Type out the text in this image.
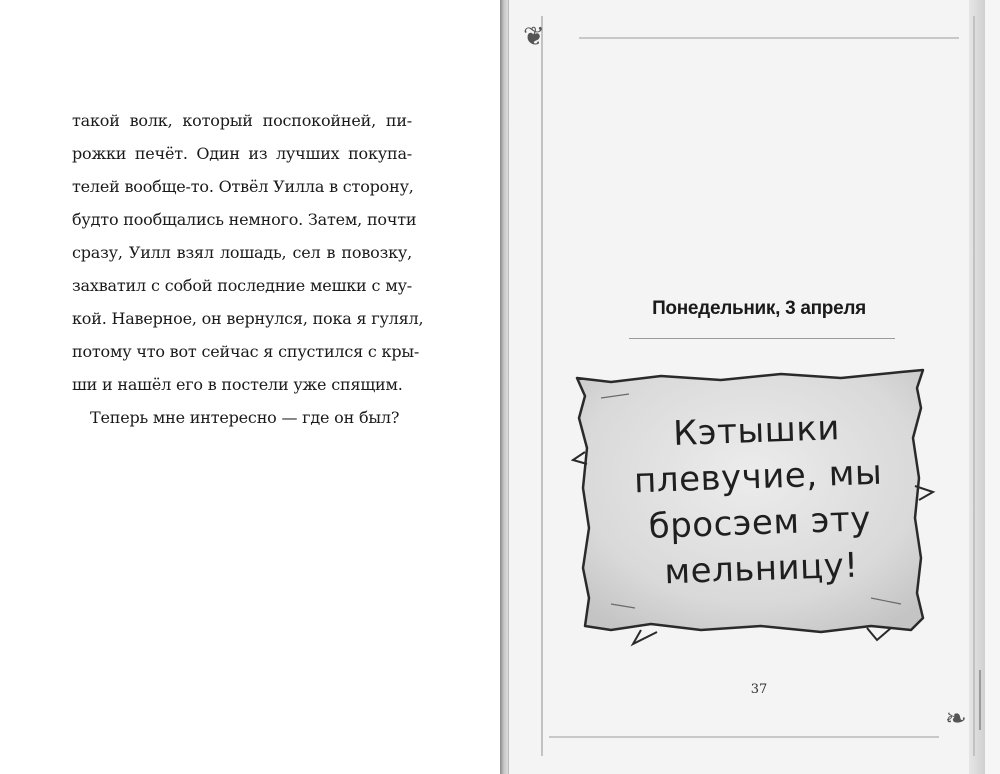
такой волк, который поспокойней, пи-
рожки печёт. Один из лучших покупа-
телей вообще-то. Отвёл Уилла в сторону,
будто пообщались немного. Затем, почти
сразу, Уилл взял лошадь, сел в повозку,
захватил с собой последние мешки с му-
кой. Наверное, он вернулся, пока я гулял,
потому что вот сейчас я спустился с кры-
ши и нашёл его в постели уже спящим.
Теперь мне интересно — где он был?
❦
❧
Понедельник, 3 апреля
Кэтышки
плевучие, мы
бросэем эту
мельницу!
37
